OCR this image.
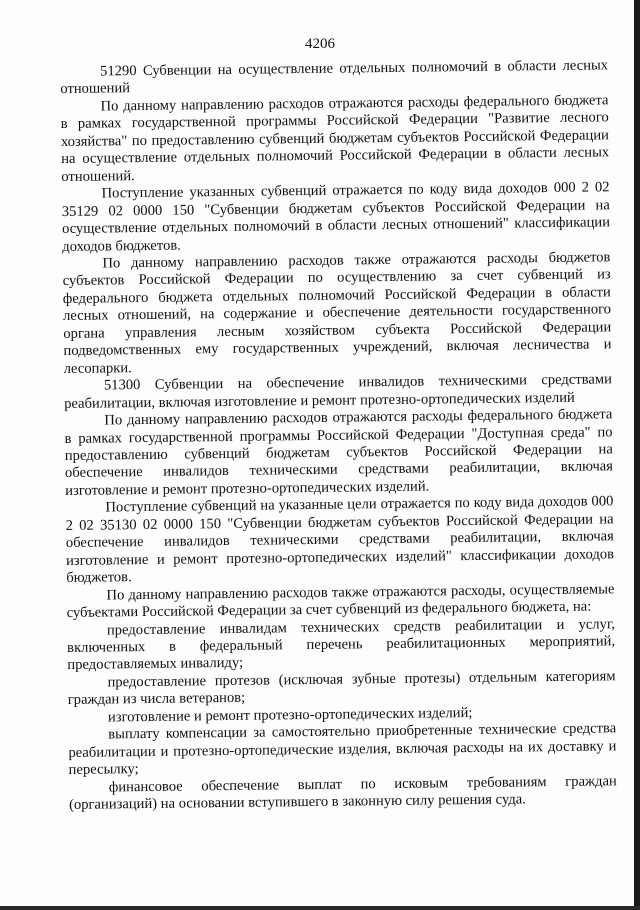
4206

51290 Субвенции на осуществление отдельных полномочий в области лесных отношений

По данному направлению расходов отражаются расходы федерального бюджета в рамках государственной программы Российской Федерации "Развитие лесного хозяйства" по предоставлению субвенций бюджетам субъектов Российской Федерации на осуществление отдельных полномочий Российской Федерации в области лесных отношений.

Поступление указанных субвенций отражается по коду вида доходов 000 2 02 35129 02 0000 150 "Субвенции бюджетам субъектов Российской Федерации на осуществление отдельных полномочий в области лесных отношений" классификации доходов бюджетов.

По данному направлению расходов также отражаются расходы бюджетов субъектов Российской Федерации по осуществлению за счет субвенций из федерального бюджета отдельных полномочий Российской Федерации в области лесных отношений, на содержание и обеспечение деятельности государственного органа управления лесным хозяйством субъекта Российской Федерации подведомственных ему государственных учреждений, включая лесничества и лесопарки.

51300 Субвенции на обеспечение инвалидов техническими средствами реабилитации, включая изготовление и ремонт протезно-ортопедических изделий

По данному направлению расходов отражаются расходы федерального бюджета в рамках государственной программы Российской Федерации "Доступная среда" по предоставлению субвенций бюджетам субъектов Российской Федерации на обеспечение инвалидов техническими средствами реабилитации, включая изготовление и ремонт протезно-ортопедических изделий.

Поступление субвенций на указанные цели отражается по коду вида доходов 000 2 02 35130 02 0000 150 "Субвенции бюджетам субъектов Российской Федерации на обеспечение инвалидов техническими средствами реабилитации, включая изготовление и ремонт протезно-ортопедических изделий" классификации доходов бюджетов.

По данному направлению расходов также отражаются расходы, осуществляемые субъектами Российской Федерации за счет субвенций из федерального бюджета, на:

предоставление инвалидам технических средств реабилитации и услуг, включенных в федеральный перечень реабилитационных мероприятий, предоставляемых инвалиду;

предоставление протезов (исключая зубные протезы) отдельным категориям граждан из числа ветеранов;

изготовление и ремонт протезно-ортопедических изделий;

выплату компенсации за самостоятельно приобретенные технические средства реабилитации и протезно-ортопедические изделия, включая расходы на их доставку и пересылку;

финансовое обеспечение выплат по исковым требованиям граждан (организаций) на основании вступившего в законную силу решения суда.
